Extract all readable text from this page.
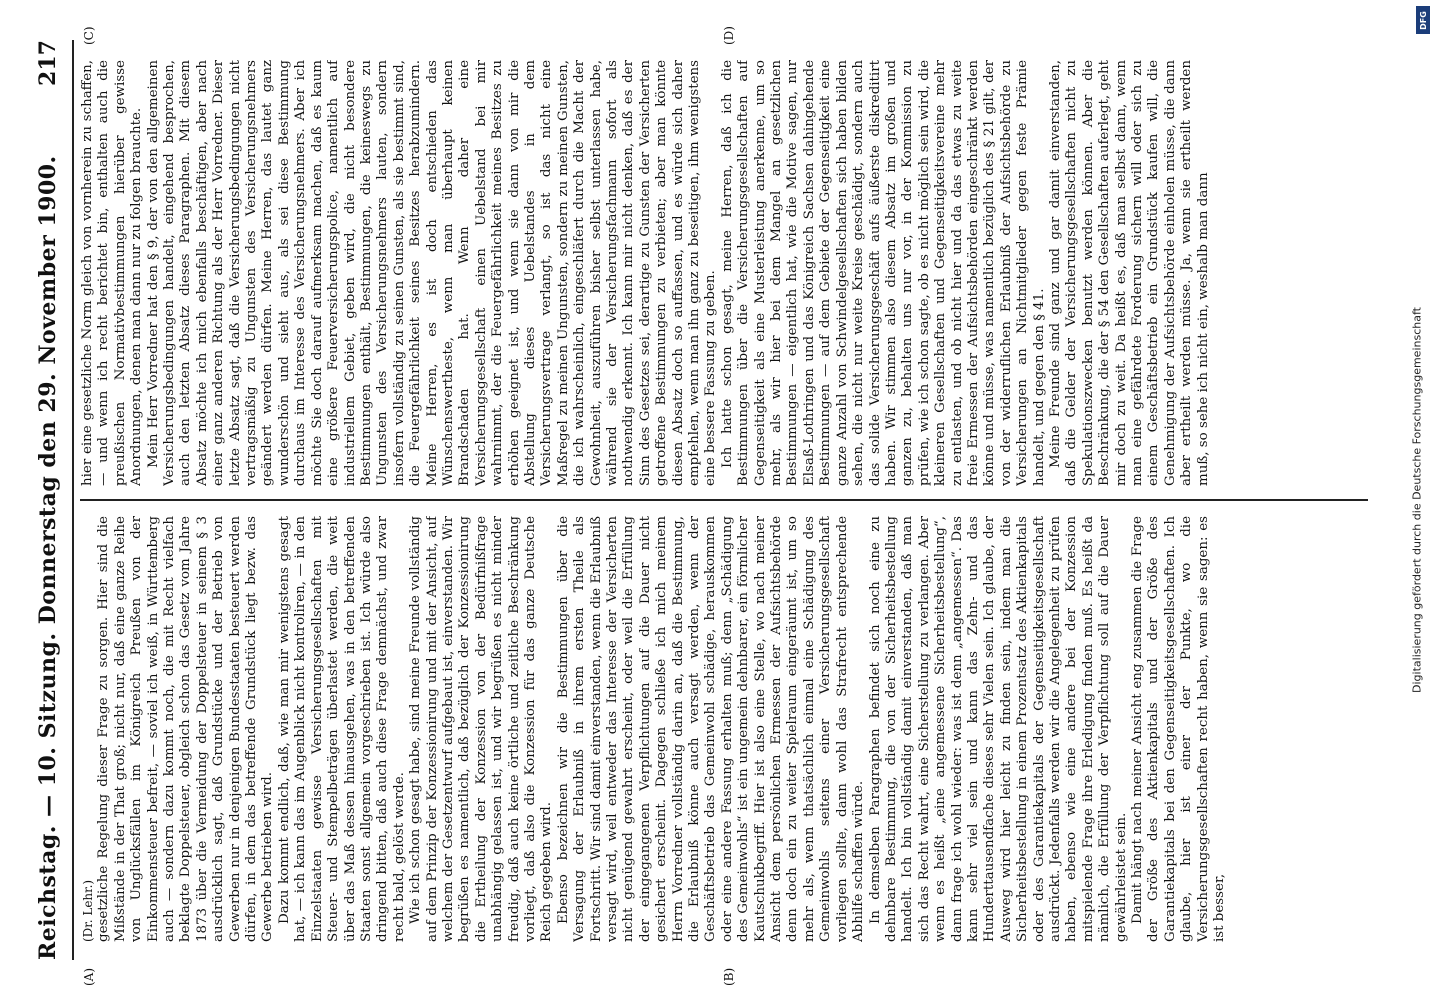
Reichstag. — 10. Sitzung. Donnerstag den 29. November 1900.
217
(A)	(B)
(C)	(D)
(Dr. Lehr.) gesetzliche Regelung dieser Frage zu sorgen. Hier sind die Mißstände in der That groß; nicht nur, daß eine ganze Reihe von Unglücksfällen im Königreich Preußen von der Einkommensteuer befreit, — soviel ich weiß, in Württemberg auch — sondern dazu kommt noch, die mit Recht vielfach beklagte Doppelsteuer, obgleich schon das Gesetz vom Jahre 1873 über die Vermeidung der Doppelsteuer in seinem § 3 ausdrücklich sagt, daß Grundstücke und der Betrieb von Gewerben nur in denjenigen Bundesstaaten besteuert werden dürfen, in dem das betreffende Grundstück liegt bezw. das Gewerbe betrieben wird. Dazu kommt endlich, daß, wie man mir wenigstens gesagt hat, — ich kann das im Augenblick nicht kontroliren, — in den Einzelstaaten gewisse Versicherungsgesellschaften mit Steuer- und Stempelbeträgen überlastet werden, die weit über das Maß dessen hinausgehen, was in den betreffenden Staaten sonst allgemein vorgeschrieben ist. Ich würde also dringend bitten, daß auch diese Frage demnächst, und zwar recht bald, gelöst werde. Wie ich schon gesagt habe, sind meine Freunde vollständig auf dem Prinzip der Konzessionirung und mit der Ansicht, auf welchem der Gesetzentwurf aufgebaut ist, einverstanden. Wir begrüßen es namentlich, daß bezüglich der Konzessionirung die Ertheilung der Konzession von der Bedürfnißfrage unabhängig gelassen ist, und wir begrüßen es nicht minder freudig, daß auch keine örtliche und zeitliche Beschränkung vorliegt, daß also die Konzession für das ganze Deutsche Reich gegeben wird. Ebenso bezeichnen wir die Bestimmungen über die Versagung der Erlaubniß in ihrem ersten Theile als Fortschritt. Wir sind damit einverstanden, wenn die Erlaubniß versagt wird, weil entweder das Interesse der Versicherten nicht genügend gewahrt erscheint, oder weil die Erfüllung der eingegangenen Verpflichtungen auf die Dauer nicht gesichert erscheint. Dagegen schließe ich mich meinem Herrn Vorredner vollständig darin an, daß die Bestimmung, die Erlaubniß könne auch versagt werden, wenn der Geschäftsbetrieb das Gemeinwohl schädige, herauskommen oder eine andere Fassung erhalten muß; denn „Schädigung des Gemeinwohls“ ist ein ungemein dehnbarer, ein förmlicher Kautschukbegriff. Hier ist also eine Stelle, wo nach meiner Ansicht dem persönlichen Ermessen der Aufsichtsbehörde denn doch ein zu weiter Spielraum eingeräumt ist, um so mehr als, wenn thatsächlich einmal eine Schädigung des Gemeinwohls seitens einer Versicherungsgesellschaft vorliegen sollte, dann wohl das Strafrecht entsprechende Abhilfe schaffen würde. In demselben Paragraphen befindet sich noch eine zu dehnbare Bestimmung, die von der Sicherheitsbestellung handelt. Ich bin vollständig damit einverstanden, daß man sich das Recht wahrt, eine Sicherstellung zu verlangen. Aber wenn es heißt „eine angemessene Sicherheitsbestellung“, dann frage ich wohl wieder: was ist denn „angemessen“. Das kann sehr viel sein und kann das Zehn- und das Hunderttausendfache dieses sehr Vielen sein. Ich glaube, der Ausweg wird hier leicht zu finden sein, indem man die Sicherheitsbestellung in einem Prozentsatz des Aktienkapitals oder des Garantiekapitals der Gegenseitigkeitsgesellschaft ausdrückt. Jedenfalls werden wir die Angelegenheit zu prüfen haben, ebenso wie eine andere bei der Konzession mitspielende Frage ihre Erledigung finden muß. Es heißt da nämlich, die Erfüllung der Verpflichtung soll auf die Dauer gewährleistet sein. Damit hängt nach meiner Ansicht eng zusammen die Frage der Größe des Aktienkapitals und der Größe des Garantiekapitals bei den Gegenseitigkeitsgesellschaften. Ich glaube, hier ist einer der Punkte, wo die Versicherungsgesellschaften recht haben, wenn sie sagen: es ist besser,

hier eine gesetzliche Norm gleich von vornherein zu schaffen, — und wenn ich recht berichtet bin, enthalten auch die preußischen Normativbestimmungen hierüber gewisse Anordnungen, denen man dann nur zu folgen brauchte. Mein Herr Vorredner hat den § 9, der von den allgemeinen Versicherungsbedingungen handelt, eingehend besprochen, auch den letzten Absatz dieses Paragraphen. Mit diesem Absatz möchte ich mich ebenfalls beschäftigen, aber nach einer ganz anderen Richtung als der Herr Vorredner. Dieser letzte Absatz sagt, daß die Versicherungsbedingungen nicht vertragsmäßig zu Ungunsten des Versicherungsnehmers geändert werden dürfen. Meine Herren, das lautet ganz wunderschön und sieht aus, als sei diese Bestimmung durchaus im Interesse des Versicherungsnehmers. Aber ich möchte Sie doch darauf aufmerksam machen, daß es kaum eine größere Feuerversicherungspolice, namentlich auf industriellem Gebiet, geben wird, die nicht besondere Bestimmungen enthält, Bestimmungen, die keineswegs zu Ungunsten des Versicherungsnehmers lauten, sondern insofern vollständig zu seinen Gunsten, als sie bestimmt sind, die Feuergefährlichkeit seines Besitzes herabzumindern. Meine Herren, es ist doch entschieden das Wünschenswertheste, wenn man überhaupt keinen Brandschaden hat. Wenn daher eine Versicherungsgesellschaft einen Uebelstand bei mir wahrnimmt, der die Feuergefährlichkeit meines Besitzes zu erhöhen geeignet ist, und wenn sie dann von mir die Abstellung dieses Uebelstandes in dem Versicherungsvertrage verlangt, so ist das nicht eine Maßregel zu meinen Ungunsten, sondern zu meinen Gunsten, die ich wahrscheinlich, eingeschläfert durch die Macht der Gewohnheit, auszuführen bisher selbst unterlassen habe, während sie der Versicherungsfachmann sofort als nothwendig erkennt. Ich kann mir nicht denken, daß es der Sinn des Gesetzes sei, derartige zu Gunsten der Versicherten getroffene Bestimmungen zu verbieten; aber man könnte diesen Absatz doch so auffassen, und es würde sich daher empfehlen, wenn man ihn ganz zu beseitigen, ihm wenigstens eine bessere Fassung zu geben. Ich hatte schon gesagt, meine Herren, daß ich die Bestimmungen über die Versicherungsgesellschaften auf Gegenseitigkeit als eine Musterleistung anerkenne, um so mehr, als wir hier bei dem Mangel an gesetzlichen Bestimmungen — eigentlich hat, wie die Motive sagen, nur Elsaß-Lothringen und das Königreich Sachsen dahingehende Bestimmungen — auf dem Gebiete der Gegenseitigkeit eine ganze Anzahl von Schwindelgesellschaften sich haben bilden sehen, die nicht nur weite Kreise geschädigt, sondern auch das solide Versicherungsgeschäft aufs äußerste diskreditirt haben. Wir stimmen also diesem Absatz im großen und ganzen zu, behalten uns nur vor, in der Kommission zu prüfen, wie ich schon sagte, ob es nicht möglich sein wird, die kleineren Gesellschaften und Gegenseitigkeitsvereine mehr zu entlasten, und ob nicht hier und da das etwas zu weite freie Ermessen der Aufsichtsbehörden eingeschränkt werden könne und müsse, was namentlich bezüglich des § 21 gilt, der von der widerruflichen Erlaubniß der Aufsichtsbehörde zu Versicherungen an Nichtmitglieder gegen feste Prämie handelt, und gegen den § 41. Meine Freunde sind ganz und gar damit einverstanden, daß die Gelder der Versicherungsgesellschaften nicht zu Spekulationszwecken benutzt werden können. Aber die Beschränkung, die der § 54 den Gesellschaften auferlegt, geht mir doch zu weit. Da heißt es, daß man selbst dann, wenn man eine gefährdete Forderung sichern will oder sich zu einem Geschäftsbetrieb ein Grundstück kaufen will, die Genehmigung der Aufsichtsbehörde einholen müsse, die dann aber ertheilt werden müsse. Ja, wenn sie ertheilt werden muß, so sehe ich nicht ein, weshalb man dann

DFG
Digitalisierung gefördert durch die Deutsche Forschungsgemeinschaft
